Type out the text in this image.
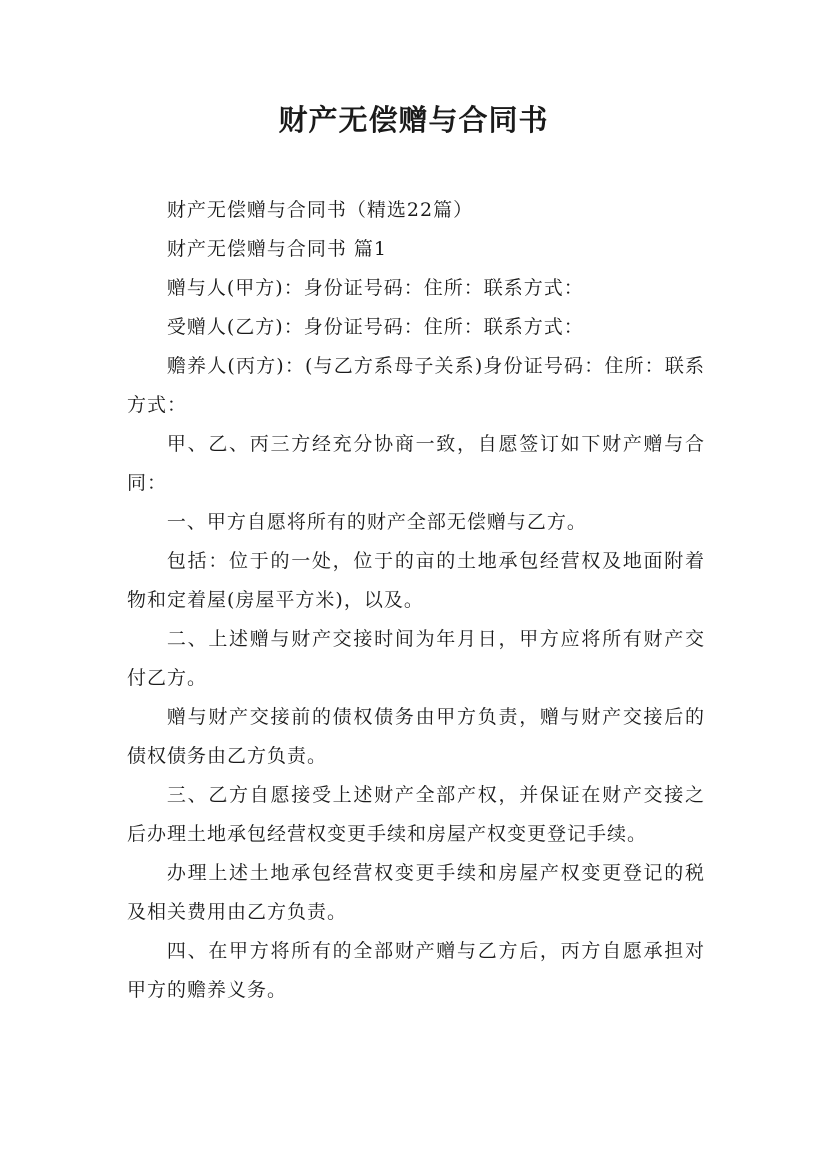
财产无偿赠与合同书

财产无偿赠与合同书（精选22篇）

财产无偿赠与合同书 篇1

赠与人(甲方)：身份证号码：住所：联系方式：

受赠人(乙方)：身份证号码：住所：联系方式：

赡养人(丙方)：(与乙方系母子关系)身份证号码：住所：联系方式：

甲、乙、丙三方经充分协商一致，自愿签订如下财产赠与合同：

一、甲方自愿将所有的财产全部无偿赠与乙方。

包括：位于的一处，位于的亩的土地承包经营权及地面附着物和定着屋(房屋平方米)，以及。

二、上述赠与财产交接时间为年月日，甲方应将所有财产交付乙方。

赠与财产交接前的债权债务由甲方负责，赠与财产交接后的债权债务由乙方负责。

三、乙方自愿接受上述财产全部产权，并保证在财产交接之后办理土地承包经营权变更手续和房屋产权变更登记手续。

办理上述土地承包经营权变更手续和房屋产权变更登记的税及相关费用由乙方负责。

四、在甲方将所有的全部财产赠与乙方后，丙方自愿承担对甲方的赡养义务。
